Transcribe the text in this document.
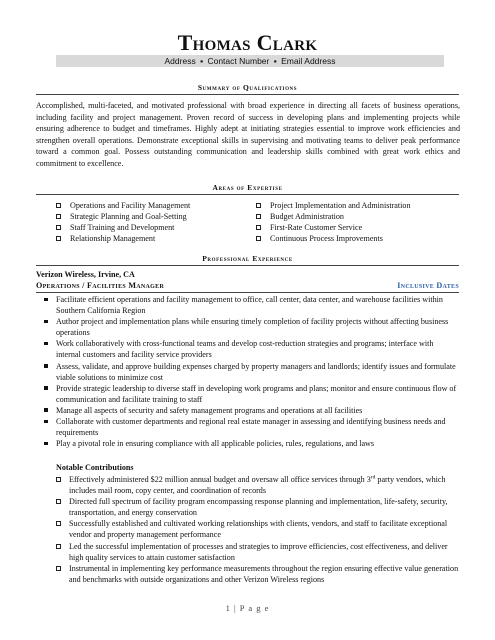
Thomas Clark
Address ▪ Contact Number ▪ Email Address
Summary of Qualifications
Accomplished, multi-faceted, and motivated professional with broad experience in directing all facets of business operations, including facility and project management. Proven record of success in developing plans and implementing projects while ensuring adherence to budget and timeframes. Highly adept at initiating strategies essential to improve work efficiencies and strengthen overall operations. Demonstrate exceptional skills in supervising and motivating teams to deliver peak performance toward a common goal. Possess outstanding communication and leadership skills combined with great work ethics and commitment to excellence.
Areas of Expertise
Operations and Facility Management
Strategic Planning and Goal-Setting
Staff Training and Development
Relationship Management
Project Implementation and Administration
Budget Administration
First-Rate Customer Service
Continuous Process Improvements
Professional Experience
Verizon Wireless, Irvine, CA
Operations / Facilities Manager	Inclusive Dates
Facilitate efficient operations and facility management to office, call center, data center, and warehouse facilities within Southern California Region
Author project and implementation plans while ensuring timely completion of facility projects without affecting business operations
Work collaboratively with cross-functional teams and develop cost-reduction strategies and programs; interface with internal customers and facility service providers
Assess, validate, and approve building expenses charged by property managers and landlords; identify issues and formulate viable solutions to minimize cost
Provide strategic leadership to diverse staff in developing work programs and plans; monitor and ensure continuous flow of communication and facilitate training to staff
Manage all aspects of security and safety management programs and operations at all facilities
Collaborate with customer departments and regional real estate manager in assessing and identifying business needs and requirements
Play a pivotal role in ensuring compliance with all applicable policies, rules, regulations, and laws
Notable Contributions
Effectively administered $22 million annual budget and oversaw all office services through 3rd party vendors, which includes mail room, copy center, and coordination of records
Directed full spectrum of facility program encompassing response planning and implementation, life-safety, security, transportation, and energy conservation
Successfully established and cultivated working relationships with clients, vendors, and staff to facilitate exceptional vendor and property management performance
Led the successful implementation of processes and strategies to improve efficiencies, cost effectiveness, and deliver high quality services to attain customer satisfaction
Instrumental in implementing key performance measurements throughout the region ensuring effective value generation and benchmarks with outside organizations and other Verizon Wireless regions
1 | P a g e
